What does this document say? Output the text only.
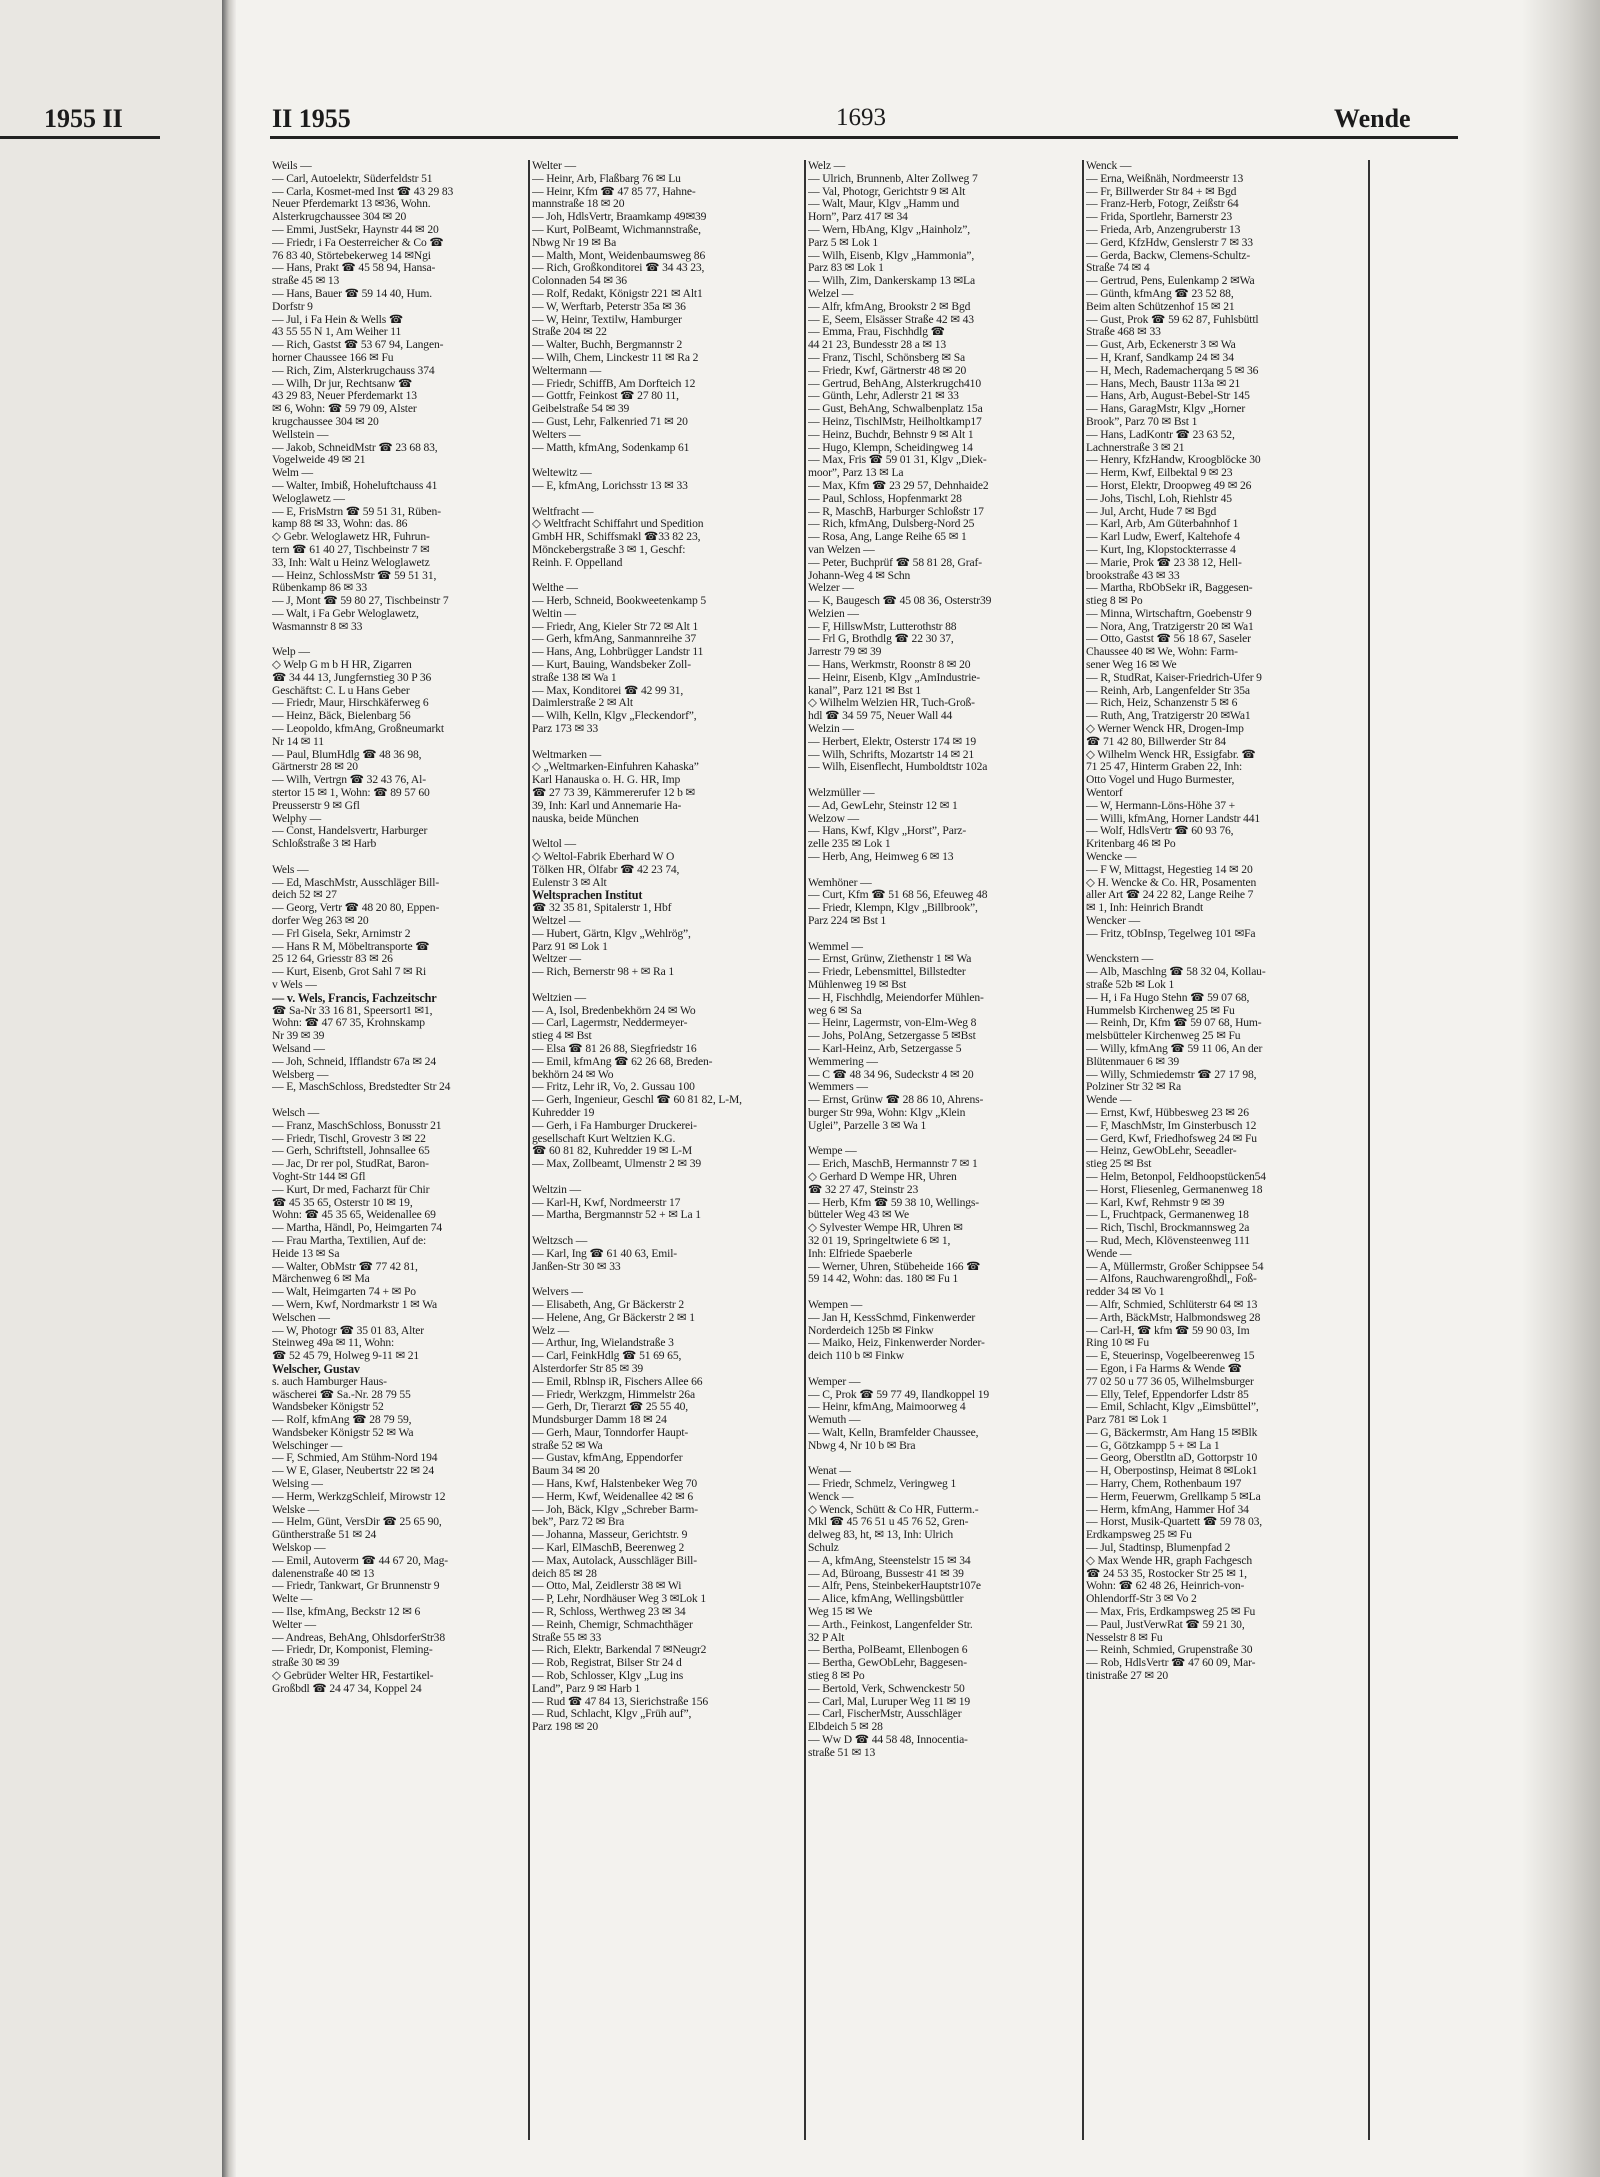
1955 II	II 1955	1693	Wende
Weils —
— Carl, Autoelektr, Süderfeldstr 51
— Carla, Kosmet-med Inst ☎ 43 29 83
Neuer Pferdemarkt 13 ✉36, Wohn.
Alsterkrugchaussee 304 ✉ 20
— Emmi, JustSekr, Haynstr 44 ✉ 20
— Friedr, i Fa Oesterreicher & Co ☎
76 83 40, Störtebekerweg 14 ✉Ngi
— Hans, Prakt ☎ 45 58 94, Hansa-
straße 45 ✉ 13
— Hans, Bauer ☎ 59 14 40, Hum.
Dorfstr 9
— Jul, i Fa Hein & Wells ☎
43 55 55 N 1, Am Weiher 11
— Rich, Gastst ☎ 53 67 94, Langen-
horner Chaussee 166 ✉ Fu
— Rich, Zim, Alsterkrugchauss 374
— Wilh, Dr jur, Rechtsanw ☎
43 29 83, Neuer Pferdemarkt 13
✉ 6, Wohn: ☎ 59 79 09, Alster
krugchaussee 304 ✉ 20
Wellstein —
— Jakob, SchneidMstr ☎ 23 68 83,
Vogelweide 49 ✉ 21
Welm —
— Walter, Imbiß, Hoheluftchauss 41
Weloglawetz —
— E, FrisMstrn ☎ 59 51 31, Rüben-
kamp 88 ✉ 33, Wohn: das. 86
◇ Gebr. Weloglawetz HR, Fuhrun-
tern ☎ 61 40 27, Tischbeinstr 7 ✉
33, Inh: Walt u Heinz Weloglawetz
— Heinz, SchlossMstr ☎ 59 51 31,
Rübenkamp 86 ✉ 33
— J, Mont ☎ 59 80 27, Tischbeinstr 7
— Walt, i Fa Gebr Weloglawetz,
Wasmannstr 8 ✉ 33

Welp —
◇ Welp G m b H HR, Zigarren
☎ 34 44 13, Jungfernstieg 30 P 36
Geschäftst: C. L u Hans Geber
— Friedr, Maur, Hirschkäferweg 6
— Heinz, Bäck, Bielenbarg 56
— Leopoldo, kfmAng, Großneumarkt
Nr 14 ✉ 11
— Paul, BlumHdlg ☎ 48 36 98,
Gärtnerstr 28 ✉ 20
— Wilh, Vertrgn ☎ 32 43 76, Al-
stertor 15 ✉ 1, Wohn: ☎ 89 57 60
Preusserstr 9 ✉ Gfl
Welphy —
— Const, Handelsvertr, Harburger
Schloßstraße 3 ✉ Harb

Wels —
— Ed, MaschMstr, Ausschläger Bill-
deich 52 ✉ 27
— Georg, Vertr ☎ 48 20 80, Eppen-
dorfer Weg 263 ✉ 20
— Frl Gisela, Sekr, Arnimstr 2
— Hans R M, Möbeltransporte ☎
25 12 64, Griesstr 83 ✉ 26
— Kurt, Eisenb, Grot Sahl 7 ✉ Ri
v Wels —
— v. Wels, Francis, Fachzeitschr
☎ Sa-Nr 33 16 81, Speersort1 ✉1,
Wohn: ☎ 47 67 35, Krohnskamp
Nr 39 ✉ 39
Welsand —
— Joh, Schneid, Ifflandstr 67a ✉ 24
Welsberg —
— E, MaschSchloss, Bredstedter Str 24

Welsch —
— Franz, MaschSchloss, Bonusstr 21
— Friedr, Tischl, Grovestr 3 ✉ 22
— Gerh, Schriftstell, Johnsallee 65
— Jac, Dr rer pol, StudRat, Baron-
Voght-Str 144 ✉ Gfl
— Kurt, Dr med, Facharzt für Chir
☎ 45 35 65, Osterstr 10 ✉ 19,
Wohn: ☎ 45 35 65, Weidenallee 69
— Martha, Händl, Po, Heimgarten 74
— Frau Martha, Textilien, Auf de:
Heide 13 ✉ Sa
— Walter, ObMstr ☎ 77 42 81,
Märchenweg 6 ✉ Ma
— Walt, Heimgarten 74 + ✉ Po
— Wern, Kwf, Nordmarkstr 1 ✉ Wa
Welschen —
— W, Photogr ☎ 35 01 83, Alter
Steinweg 49a ✉ 11, Wohn:
☎ 52 45 79, Holweg 9-11 ✉ 21
Welscher, Gustav
s. auch Hamburger Haus-
wäscherei ☎ Sa.-Nr. 28 79 55
Wandsbeker Königstr 52
— Rolf, kfmAng ☎ 28 79 59,
Wandsbeker Königstr 52 ✉ Wa
Welschinger —
— F, Schmied, Am Stühm-Nord 194
— W E, Glaser, Neubertstr 22 ✉ 24
Welsing —
— Herm, WerkzgSchleif, Mirowstr 12
Welske —
— Helm, Günt, VersDir ☎ 25 65 90,
Güntherstraße 51 ✉ 24
Welskop —
— Emil, Autoverm ☎ 44 67 20, Mag-
dalenenstraße 40 ✉ 13
— Friedr, Tankwart, Gr Brunnenstr 9
Welte —
— Ilse, kfmAng, Beckstr 12 ✉ 6
Welter —
— Andreas, BehAng, OhlsdorferStr38
— Friedr, Dr, Komponist, Fleming-
straße 30 ✉ 39
◇ Gebrüder Welter HR, Festartikel-
Großbdl ☎ 24 47 34, Koppel 24
Welter —
— Heinr, Arb, Flaßbarg 76 ✉ Lu
— Heinr, Kfm ☎ 47 85 77, Hahne-
mannstraße 18 ✉ 20
— Joh, HdlsVertr, Braamkamp 49✉39
— Kurt, PolBeamt, Wichmannstraße,
Nbwg Nr 19 ✉ Ba
— Malth, Mont, Weidenbaumsweg 86
— Rich, Großkonditorei ☎ 34 43 23,
Colonnaden 54 ✉ 36
— Rolf, Redakt, Königstr 221 ✉ Alt1
— W, Werftarb, Peterstr 35a ✉ 36
— W, Heinr, Textilw, Hamburger
Straße 204 ✉ 22
— Walter, Buchh, Bergmannstr 2
— Wilh, Chem, Linckestr 11 ✉ Ra 2
Weltermann —
— Friedr, SchiffB, Am Dorfteich 12
— Gottfr, Feinkost ☎ 27 80 11,
Geibelstraße 54 ✉ 39
— Gust, Lehr, Falkenried 71 ✉ 20
Welters —
— Matth, kfmAng, Sodenkamp 61

Weltewitz —
— E, kfmAng, Lorichsstr 13 ✉ 33

Weltfracht —
◇ Weltfracht Schiffahrt und Spedition
GmbH HR, Schiffsmakl ☎33 82 23,
Mönckebergstraße 3 ✉ 1, Geschf:
Reinh. F. Oppelland

Welthe —
— Herb, Schneid, Bookweetenkamp 5
Weltin —
— Friedr, Ang, Kieler Str 72 ✉ Alt 1
— Gerh, kfmAng, Sanmannreihe 37
— Hans, Ang, Lohbrügger Landstr 11
— Kurt, Bauing, Wandsbeker Zoll-
straße 138 ✉ Wa 1
— Max, Konditorei ☎ 42 99 31,
Daimlerstraße 2 ✉ Alt
— Wilh, Kelln, Klgv „Fleckendorf”,
Parz 173 ✉ 33

Weltmarken —
◇ „Weltmarken-Einfuhren Kahaska”
Karl Hanauska o. H. G. HR, Imp
☎ 27 73 39, Kämmererufer 12 b ✉
39, Inh: Karl und Annemarie Ha-
nauska, beide München

Weltol —
◇ Weltol-Fabrik Eberhard W O
Tölken HR, Ölfabr ☎ 42 23 74,
Eulenstr 3 ✉ Alt
Weltsprachen Institut
☎ 32 35 81, Spitalerstr 1, Hbf
Weltzel —
— Hubert, Gärtn, Klgv „Wehlrög”,
Parz 91 ✉ Lok 1
Weltzer —
— Rich, Bernerstr 98 + ✉ Ra 1

Weltzien —
— A, Isol, Bredenbekhörn 24 ✉ Wo
— Carl, Lagermstr, Neddermeyer-
stieg 4 ✉ Bst
— Elsa ☎ 81 26 88, Siegfriedstr 16
— Emil, kfmAng ☎ 62 26 68, Breden-
bekhörn 24 ✉ Wo
— Fritz, Lehr iR, Vo, 2. Gussau 100
— Gerh, Ingenieur, Geschl ☎ 60 81 82, L-M,
Kuhredder 19
— Gerh, i Fa Hamburger Druckerei-
gesellschaft Kurt Weltzien K.G.
☎ 60 81 82, Kuhredder 19 ✉ L-M
— Max, Zollbeamt, Ulmenstr 2 ✉ 39

Weltzin —
— Karl-H, Kwf, Nordmeerstr 17
— Martha, Bergmannstr 52 + ✉ La 1

Weltzsch —
— Karl, Ing ☎ 61 40 63, Emil-
Janßen-Str 30 ✉ 33

Welvers —
— Elisabeth, Ang, Gr Bäckerstr 2
— Helene, Ang, Gr Bäckerstr 2 ✉ 1
Welz —
— Arthur, Ing, Wielandstraße 3
— Carl, FeinkHdlg ☎ 51 69 65,
Alsterdorfer Str 85 ✉ 39
— Emil, Rblnsp iR, Fischers Allee 66
— Friedr, Werkzgm, Himmelstr 26a
— Gerh, Dr, Tierarzt ☎ 25 55 40,
Mundsburger Damm 18 ✉ 24
— Gerh, Maur, Tonndorfer Haupt-
straße 52 ✉ Wa
— Gustav, kfmAng, Eppendorfer
Baum 34 ✉ 20
— Hans, Kwf, Halstenbeker Weg 70
— Herm, Kwf, Weidenallee 42 ✉ 6
— Joh, Bäck, Klgv „Schreber Barm-
bek”, Parz 72 ✉ Bra
— Johanna, Masseur, Gerichtstr. 9
— Karl, ElMaschB, Beerenweg 2
— Max, Autolack, Ausschläger Bill-
deich 85 ✉ 28
— Otto, Mal, Zeidlerstr 38 ✉ Wi
— P, Lehr, Nordhäuser Weg 3 ✉Lok 1
— R, Schloss, Werthweg 23 ✉ 34
— Reinh, Chemigr, Schmachthäger
Straße 55 ✉ 33
— Rich, Elektr, Barkendal 7 ✉Neugr2
— Rob, Registrat, Bilser Str 24 d
— Rob, Schlosser, Klgv „Lug ins
Land”, Parz 9 ✉ Harb 1
— Rud ☎ 47 84 13, Sierichstraße 156
— Rud, Schlacht, Klgv „Früh auf”,
Parz 198 ✉ 20
Welz —
— Ulrich, Brunnenb, Alter Zollweg 7
— Val, Photogr, Gerichtstr 9 ✉ Alt
— Walt, Maur, Klgv „Hamm und
Horn”, Parz 417 ✉ 34
— Wern, HbAng, Klgv „Hainholz”,
Parz 5 ✉ Lok 1
— Wilh, Eisenb, Klgv „Hammonia”,
Parz 83 ✉ Lok 1
— Wilh, Zim, Dankerskamp 13 ✉La
Welzel —
— Alfr, kfmAng, Brookstr 2 ✉ Bgd
— E, Seem, Elsässer Straße 42 ✉ 43
— Emma, Frau, Fischhdlg ☎
44 21 23, Bundesstr 28 a ✉ 13
— Franz, Tischl, Schönsberg ✉ Sa
— Friedr, Kwf, Gärtnerstr 48 ✉ 20
— Gertrud, BehAng, Alsterkrugch410
— Günth, Lehr, Adlerstr 21 ✉ 33
— Gust, BehAng, Schwalbenplatz 15a
— Heinz, TischlMstr, Heilholtkamp17
— Heinz, Buchdr, Behnstr 9 ✉ Alt 1
— Hugo, Klempn, Scheidingweg 14
— Max, Fris ☎ 59 01 31, Klgv „Diek-
moor”, Parz 13 ✉ La
— Max, Kfm ☎ 23 29 57, Dehnhaide2
— Paul, Schloss, Hopfenmarkt 28
— R, MaschB, Harburger Schloßstr 17
— Rich, kfmAng, Dulsberg-Nord 25
— Rosa, Ang, Lange Reihe 65 ✉ 1
van Welzen —
— Peter, Buchprüf ☎ 58 81 28, Graf-
Johann-Weg 4 ✉ Schn
Welzer —
— K, Baugesch ☎ 45 08 36, Osterstr39
Welzien —
— F, HillswMstr, Lutterothstr 88
— Frl G, Brothdlg ☎ 22 30 37,
Jarrestr 79 ✉ 39
— Hans, Werkmstr, Roonstr 8 ✉ 20
— Heinr, Eisenb, Klgv „AmIndustrie-
kanal”, Parz 121 ✉ Bst 1
◇ Wilhelm Welzien HR, Tuch-Groß-
hdl ☎ 34 59 75, Neuer Wall 44
Welzin —
— Herbert, Elektr, Osterstr 174 ✉ 19
— Wilh, Schrifts, Mozartstr 14 ✉ 21
— Wilh, Eisenflecht, Humboldtstr 102a

Welzmüller —
— Ad, GewLehr, Steinstr 12 ✉ 1
Welzow —
— Hans, Kwf, Klgv „Horst”, Parz-
zelle 235 ✉ Lok 1
— Herb, Ang, Heimweg 6 ✉ 13

Wemhöner —
— Curt, Kfm ☎ 51 68 56, Efeuweg 48
— Friedr, Klempn, Klgv „Billbrook”,
Parz 224 ✉ Bst 1

Wemmel —
— Ernst, Grünw, Ziethenstr 1 ✉ Wa
— Friedr, Lebensmittel, Billstedter
Mühlenweg 19 ✉ Bst
— H, Fischhdlg, Meiendorfer Mühlen-
weg 6 ✉ Sa
— Heinr, Lagermstr, von-Elm-Weg 8
— Johs, PolAng, Setzergasse 5 ✉Bst
— Karl-Heinz, Arb, Setzergasse 5
Wemmering —
— C ☎ 48 34 96, Sudeckstr 4 ✉ 20
Wemmers —
— Ernst, Grünw ☎ 28 86 10, Ahrens-
burger Str 99a, Wohn: Klgv „Klein
Uglei”, Parzelle 3 ✉ Wa 1

Wempe —
— Erich, MaschB, Hermannstr 7 ✉ 1
◇ Gerhard D Wempe HR, Uhren
☎ 32 27 47, Steinstr 23
— Herb, Kfm ☎ 59 38 10, Wellings-
bütteler Weg 43 ✉ We
◇ Sylvester Wempe HR, Uhren ✉
32 01 19, Springeltwiete 6 ✉ 1,
Inh: Elfriede Spaeberle
— Werner, Uhren, Stübeheide 166 ☎
59 14 42, Wohn: das. 180 ✉ Fu 1

Wempen —
— Jan H, KessSchmd, Finkenwerder
Norderdeich 125b ✉ Finkw
— Maiko, Heiz, Finkenwerder Norder-
deich 110 b ✉ Finkw

Wemper —
— C, Prok ☎ 59 77 49, Ilandkoppel 19
— Heinr, kfmAng, Maimoorweg 4
Wemuth —
— Walt, Kelln, Bramfelder Chaussee,
Nbwg 4, Nr 10 b ✉ Bra

Wenat —
— Friedr, Schmelz, Veringweg 1
Wenck —
◇ Wenck, Schütt & Co HR, Futterm.-
Mkl ☎ 45 76 51 u 45 76 52, Gren-
delweg 83, ht, ✉ 13, Inh: Ulrich
Schulz
— A, kfmAng, Steenstelstr 15 ✉ 34
— Ad, Büroang, Bussestr 41 ✉ 39
— Alfr, Pens, SteinbekerHauptstr107e
— Alice, kfmAng, Wellingsbüttler
Weg 15 ✉ We
— Arth., Feinkost, Langenfelder Str.
32 P Alt
— Bertha, PolBeamt, Ellenbogen 6
— Bertha, GewObLehr, Baggesen-
stieg 8 ✉ Po
— Bertold, Verk, Schwenckestr 50
— Carl, Mal, Luruper Weg 11 ✉ 19
— Carl, FischerMstr, Ausschläger
Elbdeich 5 ✉ 28
— Ww D ☎ 44 58 48, Innocentia-
straße 51 ✉ 13
Wenck —
— Erna, Weißnäh, Nordmeerstr 13
— Fr, Billwerder Str 84 + ✉ Bgd
— Franz-Herb, Fotogr, Zeißstr 64
— Frida, Sportlehr, Barnerstr 23
— Frieda, Arb, Anzengruberstr 13
— Gerd, KfzHdw, Genslerstr 7 ✉ 33
— Gerda, Backw, Clemens-Schultz-
Straße 74 ✉ 4
— Gertrud, Pens, Eulenkamp 2 ✉Wa
— Günth, kfmAng ☎ 23 52 88,
Beim alten Schützenhof 15 ✉ 21
— Gust, Prok ☎ 59 62 87, Fuhlsbüttl
Straße 468 ✉ 33
— Gust, Arb, Eckenerstr 3 ✉ Wa
— H, Kranf, Sandkamp 24 ✉ 34
— H, Mech, Rademacherqang 5 ✉ 36
— Hans, Mech, Baustr 113a ✉ 21
— Hans, Arb, August-Bebel-Str 145
— Hans, GaragMstr, Klgv „Horner
Brook”, Parz 70 ✉ Bst 1
— Hans, LadKontr ☎ 23 63 52,
Lachnerstraße 3 ✉ 21
— Henry, KfzHandw, Kroogblöcke 30
— Herm, Kwf, Eilbektal 9 ✉ 23
— Horst, Elektr, Droopweg 49 ✉ 26
— Johs, Tischl, Loh, Riehlstr 45
— Jul, Archt, Hude 7 ✉ Bgd
— Karl, Arb, Am Güterbahnhof 1
— Karl Ludw, Ewerf, Kaltehofe 4
— Kurt, Ing, Klopstockterrasse 4
— Marie, Prok ☎ 23 38 12, Hell-
brookstraße 43 ✉ 33
— Martha, RbObSekr iR, Baggesen-
stieg 8 ✉ Po
— Minna, Wirtschaftrn, Goebenstr 9
— Nora, Ang, Tratzigerstr 20 ✉ Wa1
— Otto, Gastst ☎ 56 18 67, Saseler
Chaussee 40 ✉ We, Wohn: Farm-
sener Weg 16 ✉ We
— R, StudRat, Kaiser-Friedrich-Ufer 9
— Reinh, Arb, Langenfelder Str 35a
— Rich, Heiz, Schanzenstr 5 ✉ 6
— Ruth, Ang, Tratzigerstr 20 ✉Wa1
◇ Werner Wenck HR, Drogen-Imp
☎ 71 42 80, Billwerder Str 84
◇ Wilhelm Wenck HR, Essigfabr. ☎
71 25 47, Hinterm Graben 22, Inh:
Otto Vogel und Hugo Burmester,
Wentorf
— W, Hermann-Löns-Höhe 37 +
— Willi, kfmAng, Horner Landstr 441
— Wolf, HdlsVertr ☎ 60 93 76,
Kritenbarg 46 ✉ Po
Wencke —
— F W, Mittagst, Hegestieg 14 ✉ 20
◇ H. Wencke & Co. HR, Posamenten
aller Art ☎ 24 22 82, Lange Reihe 7
✉ 1, Inh: Heinrich Brandt
Wencker —
— Fritz, tObInsp, Tegelweg 101 ✉Fa

Wenckstern —
— Alb, Maschlng ☎ 58 32 04, Kollau-
straße 52b ✉ Lok 1
— H, i Fa Hugo Stehn ☎ 59 07 68,
Hummelsb Kirchenweg 25 ✉ Fu
— Reinh, Dr, Kfm ☎ 59 07 68, Hum-
melsbütteler Kirchenweg 25 ✉ Fu
— Willy, kfmAng ☎ 59 11 06, An der
Blütenmauer 6 ✉ 39
— Willy, Schmiedemstr ☎ 27 17 98,
Polziner Str 32 ✉ Ra
Wende —
— Ernst, Kwf, Hübbesweg 23 ✉ 26
— F, MaschMstr, Im Ginsterbusch 12
— Gerd, Kwf, Friedhofsweg 24 ✉ Fu
— Heinz, GewObLehr, Seeadler-
stieg 25 ✉ Bst
— Helm, Betonpol, Feldhoopstücken54
— Horst, Fliesenleg, Germanenweg 18
— Karl, Kwf, Rehmstr 9 ✉ 39
— L, Fruchtpack, Germanenweg 18
— Rich, Tischl, Brockmannsweg 2a
— Rud, Mech, Klövensteenweg 111
Wende —
— A, Müllermstr, Großer Schippsee 54
— Alfons, Rauchwarengroßhdl,, Foß-
redder 34 ✉ Vo 1
— Alfr, Schmied, Schlüterstr 64 ✉ 13
— Arth, BäckMstr, Halbmondsweg 28
— Carl-H, ☎ kfm ☎ 59 90 03, Im
Ring 10 ✉ Fu
— E, Steuerinsp, Vogelbeerenweg 15
— Egon, i Fa Harms & Wende ☎
77 02 50 u 77 36 05, Wilhelmsburger
— Elly, Telef, Eppendorfer Ldstr 85
— Emil, Schlacht, Klgv „Eimsbüttel”,
Parz 781 ✉ Lok 1
— G, Bäckermstr, Am Hang 15 ✉Blk
— G, Götzkampp 5 + ✉ La 1
— Georg, Oberstltn aD, Gottorpstr 10
— H, Oberpostinsp, Heimat 8 ✉Lok1
— Harry, Chem, Rothenbaum 197
— Herm, Feuerwm, Grellkamp 5 ✉La
— Herm, kfmAng, Hammer Hof 34
— Horst, Musik-Quartett ☎ 59 78 03,
Erdkampsweg 25 ✉ Fu
— Jul, Stadtinsp, Blumenpfad 2
◇ Max Wende HR, graph Fachgesch
☎ 24 53 35, Rostocker Str 25 ✉ 1,
Wohn: ☎ 62 48 26, Heinrich-von-
Ohlendorff-Str 3 ✉ Vo 2
— Max, Fris, Erdkampsweg 25 ✉ Fu
— Paul, JustVerwRat ☎ 59 21 30,
Nesselstr 8 ✉ Fu
— Reinh, Schmied, Grupenstraße 30
— Rob, HdlsVertr ☎ 47 60 09, Mar-
tinistraße 27 ✉ 20
